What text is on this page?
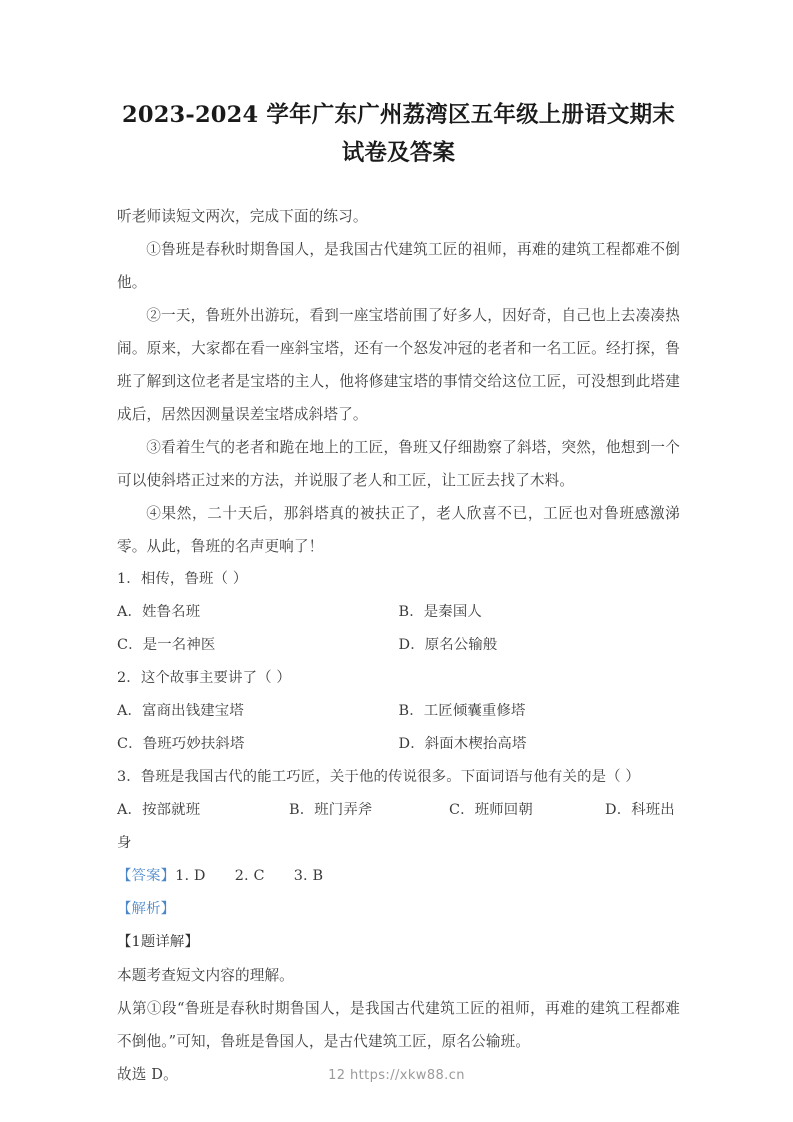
2023-2024 学年广东广州荔湾区五年级上册语文期末试卷及答案

听老师读短文两次，完成下面的练习。

①鲁班是春秋时期鲁国人，是我国古代建筑工匠的祖师，再难的建筑工程都难不倒他。

②一天，鲁班外出游玩，看到一座宝塔前围了好多人，因好奇，自己也上去凑凑热闹。原来，大家都在看一座斜宝塔，还有一个怒发冲冠的老者和一名工匠。经打探，鲁班了解到这位老者是宝塔的主人，他将修建宝塔的事情交给这位工匠，可没想到此塔建成后，居然因测量误差宝塔成斜塔了。

③看着生气的老者和跪在地上的工匠，鲁班又仔细勘察了斜塔，突然，他想到一个可以使斜塔正过来的方法，并说服了老人和工匠，让工匠去找了木料。

④果然，二十天后，那斜塔真的被扶正了，老人欣喜不已，工匠也对鲁班感激涕零。从此，鲁班的名声更响了！

1．相传，鲁班（ ）

A．姓鲁名班	B．是秦国人
C．是一名神医	D．原名公输般

2．这个故事主要讲了（ ）

A．富商出钱建宝塔	B．工匠倾囊重修塔
C．鲁班巧妙扶斜塔	D．斜面木楔抬高塔

3．鲁班是我国古代的能工巧匠，关于他的传说很多。下面词语与他有关的是（ ）

A．按部就班	B．班门弄斧	C．班师回朝	D．科班出
身

【答案】1. D　　2. C　　3. B

【解析】

【1题详解】

本题考查短文内容的理解。

从第①段“鲁班是春秋时期鲁国人，是我国古代建筑工匠的祖师，再难的建筑工程都难不倒他。”可知，鲁班是鲁国人，是古代建筑工匠，原名公输班。

故选 D。	12 https://xkw88.cn
